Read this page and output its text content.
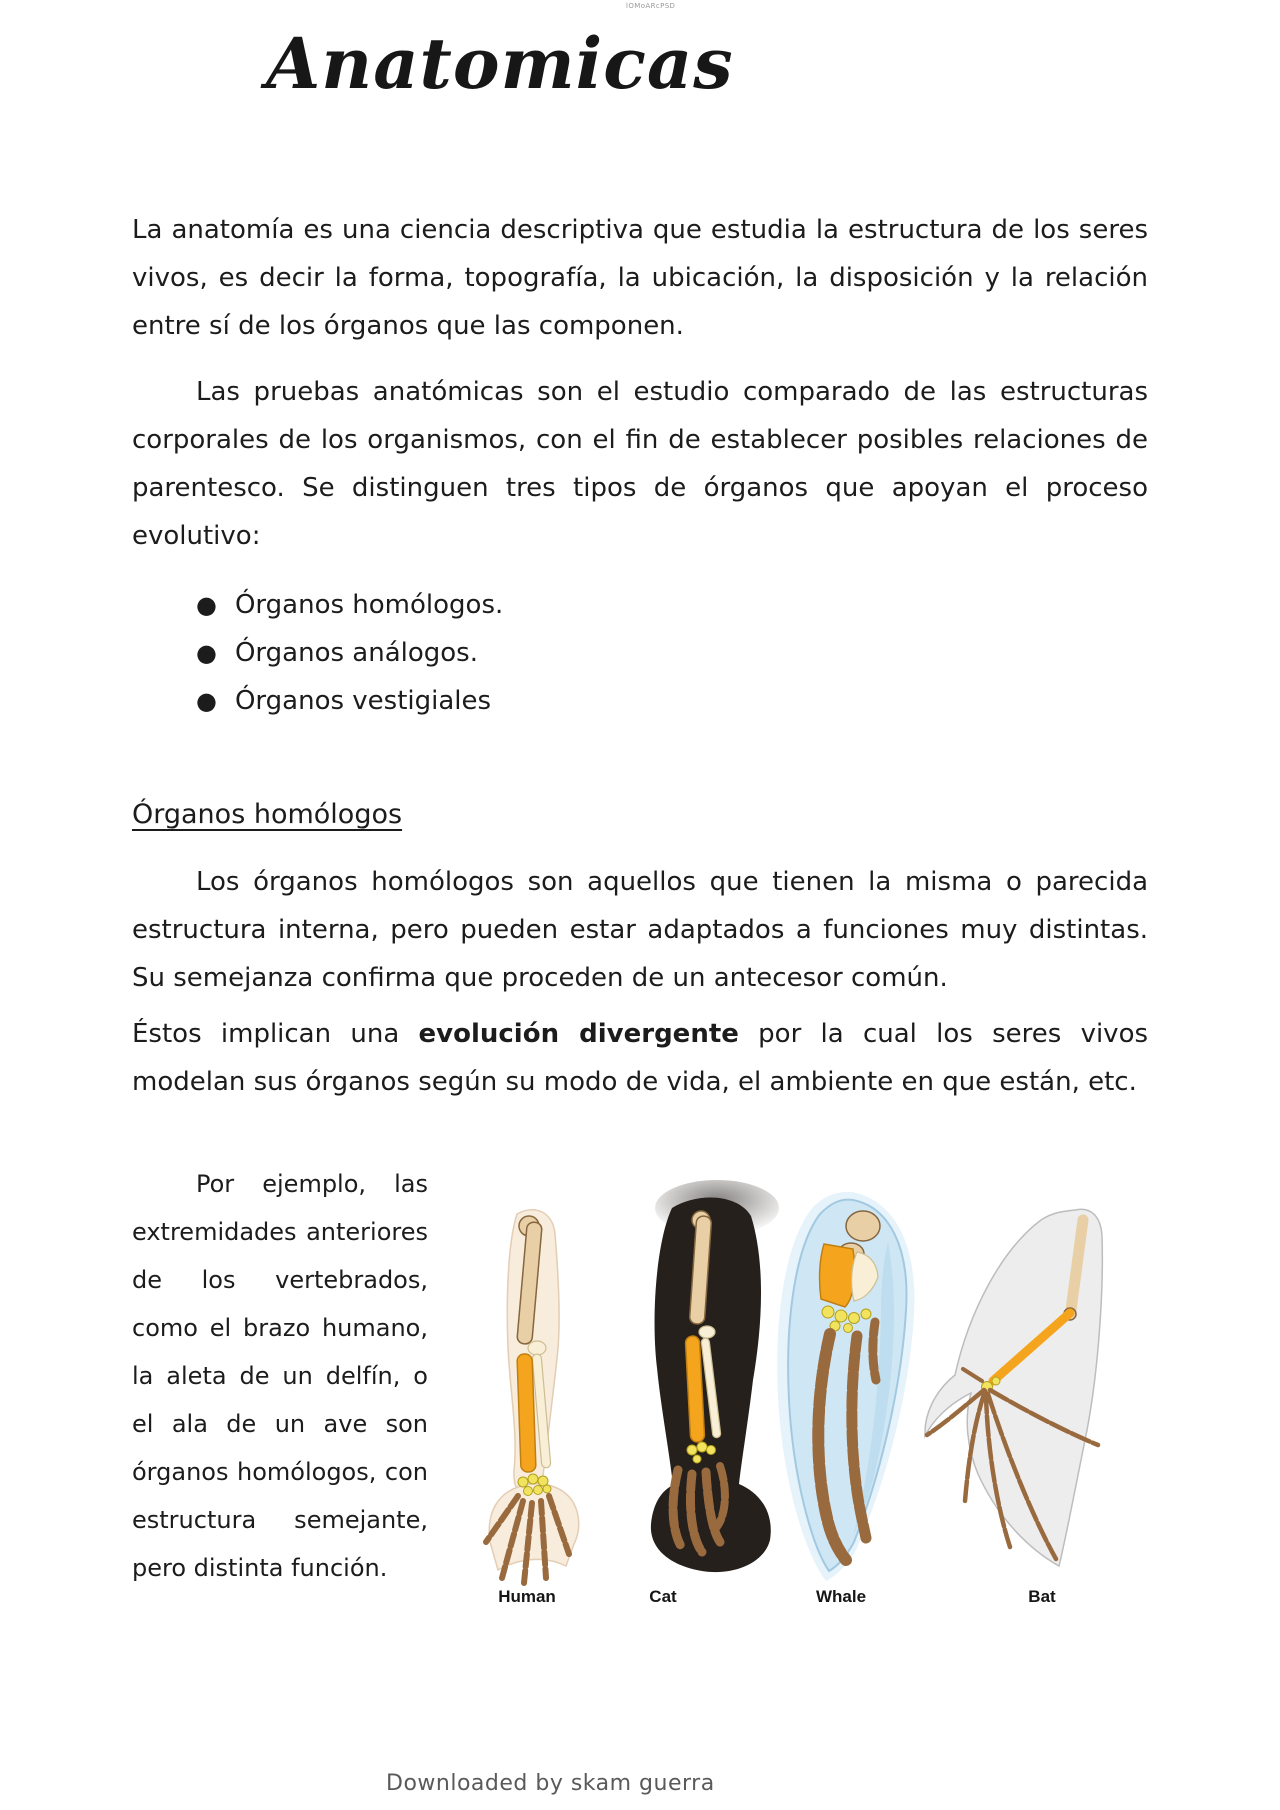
lOMoARcPSD
Anatomicas

La anatomía es una ciencia descriptiva que estudia la estructura de los seres vivos, es decir la forma, topografía, la ubicación, la disposición y la relación entre sí de los órganos que las componen.

Las pruebas anatómicas son el estudio comparado de las estructuras corporales de los organismos, con el fin de establecer posibles relaciones de parentesco. Se distinguen tres tipos de órganos que apoyan el proceso evolutivo:

● Órganos homólogos.
● Órganos análogos.
● Órganos vestigiales
Órganos homólogos

Los órganos homólogos son aquellos que tienen la misma o parecida estructura interna, pero pueden estar adaptados a funciones muy distintas. Su semejanza confirma que proceden de un antecesor común.

Éstos implican una evolución divergente por la cual los seres vivos modelan sus órganos según su modo de vida, el ambiente en que están, etc.

Por ejemplo, las extremidades anteriores de los vertebrados, como el brazo humano, la aleta de un delfín, o el ala de un ave son órganos homólogos, con estructura semejante, pero distinta función.

Human	Cat	Whale	Bat
Downloaded by skam guerra
